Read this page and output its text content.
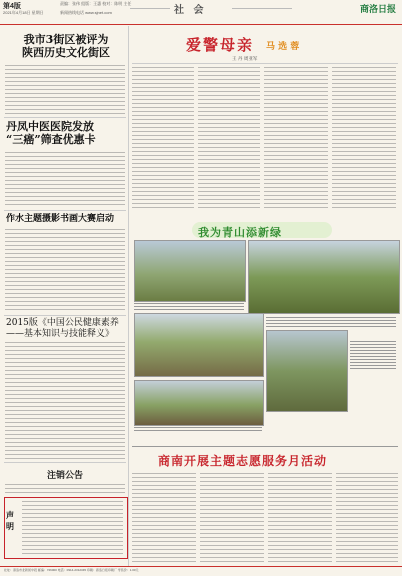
第4版
2021年4月18日 星期日
责编：张伟 组版：王惠 校对：陈明 主任
新闻热线电话 www.sjnet.com	社 会	商洛日报
我市3街区被评为
陕西历史文化街区
丹凤中医医院发放
“三癌”筛查优惠卡
作水主题摄影书画大赛启动
2015版《中国公民健康素养
——基本知识与技能释义》
注销公告
声
明
爱警母亲 马 选 蓉
王 丹 周亚军
我为青山添新绿
商南开展主题志愿服务月活动
社址：商洛市北新街中段 邮编：726000 电话：0914-2312345 印刷：商洛日报印刷厂 零售价：1.00元
